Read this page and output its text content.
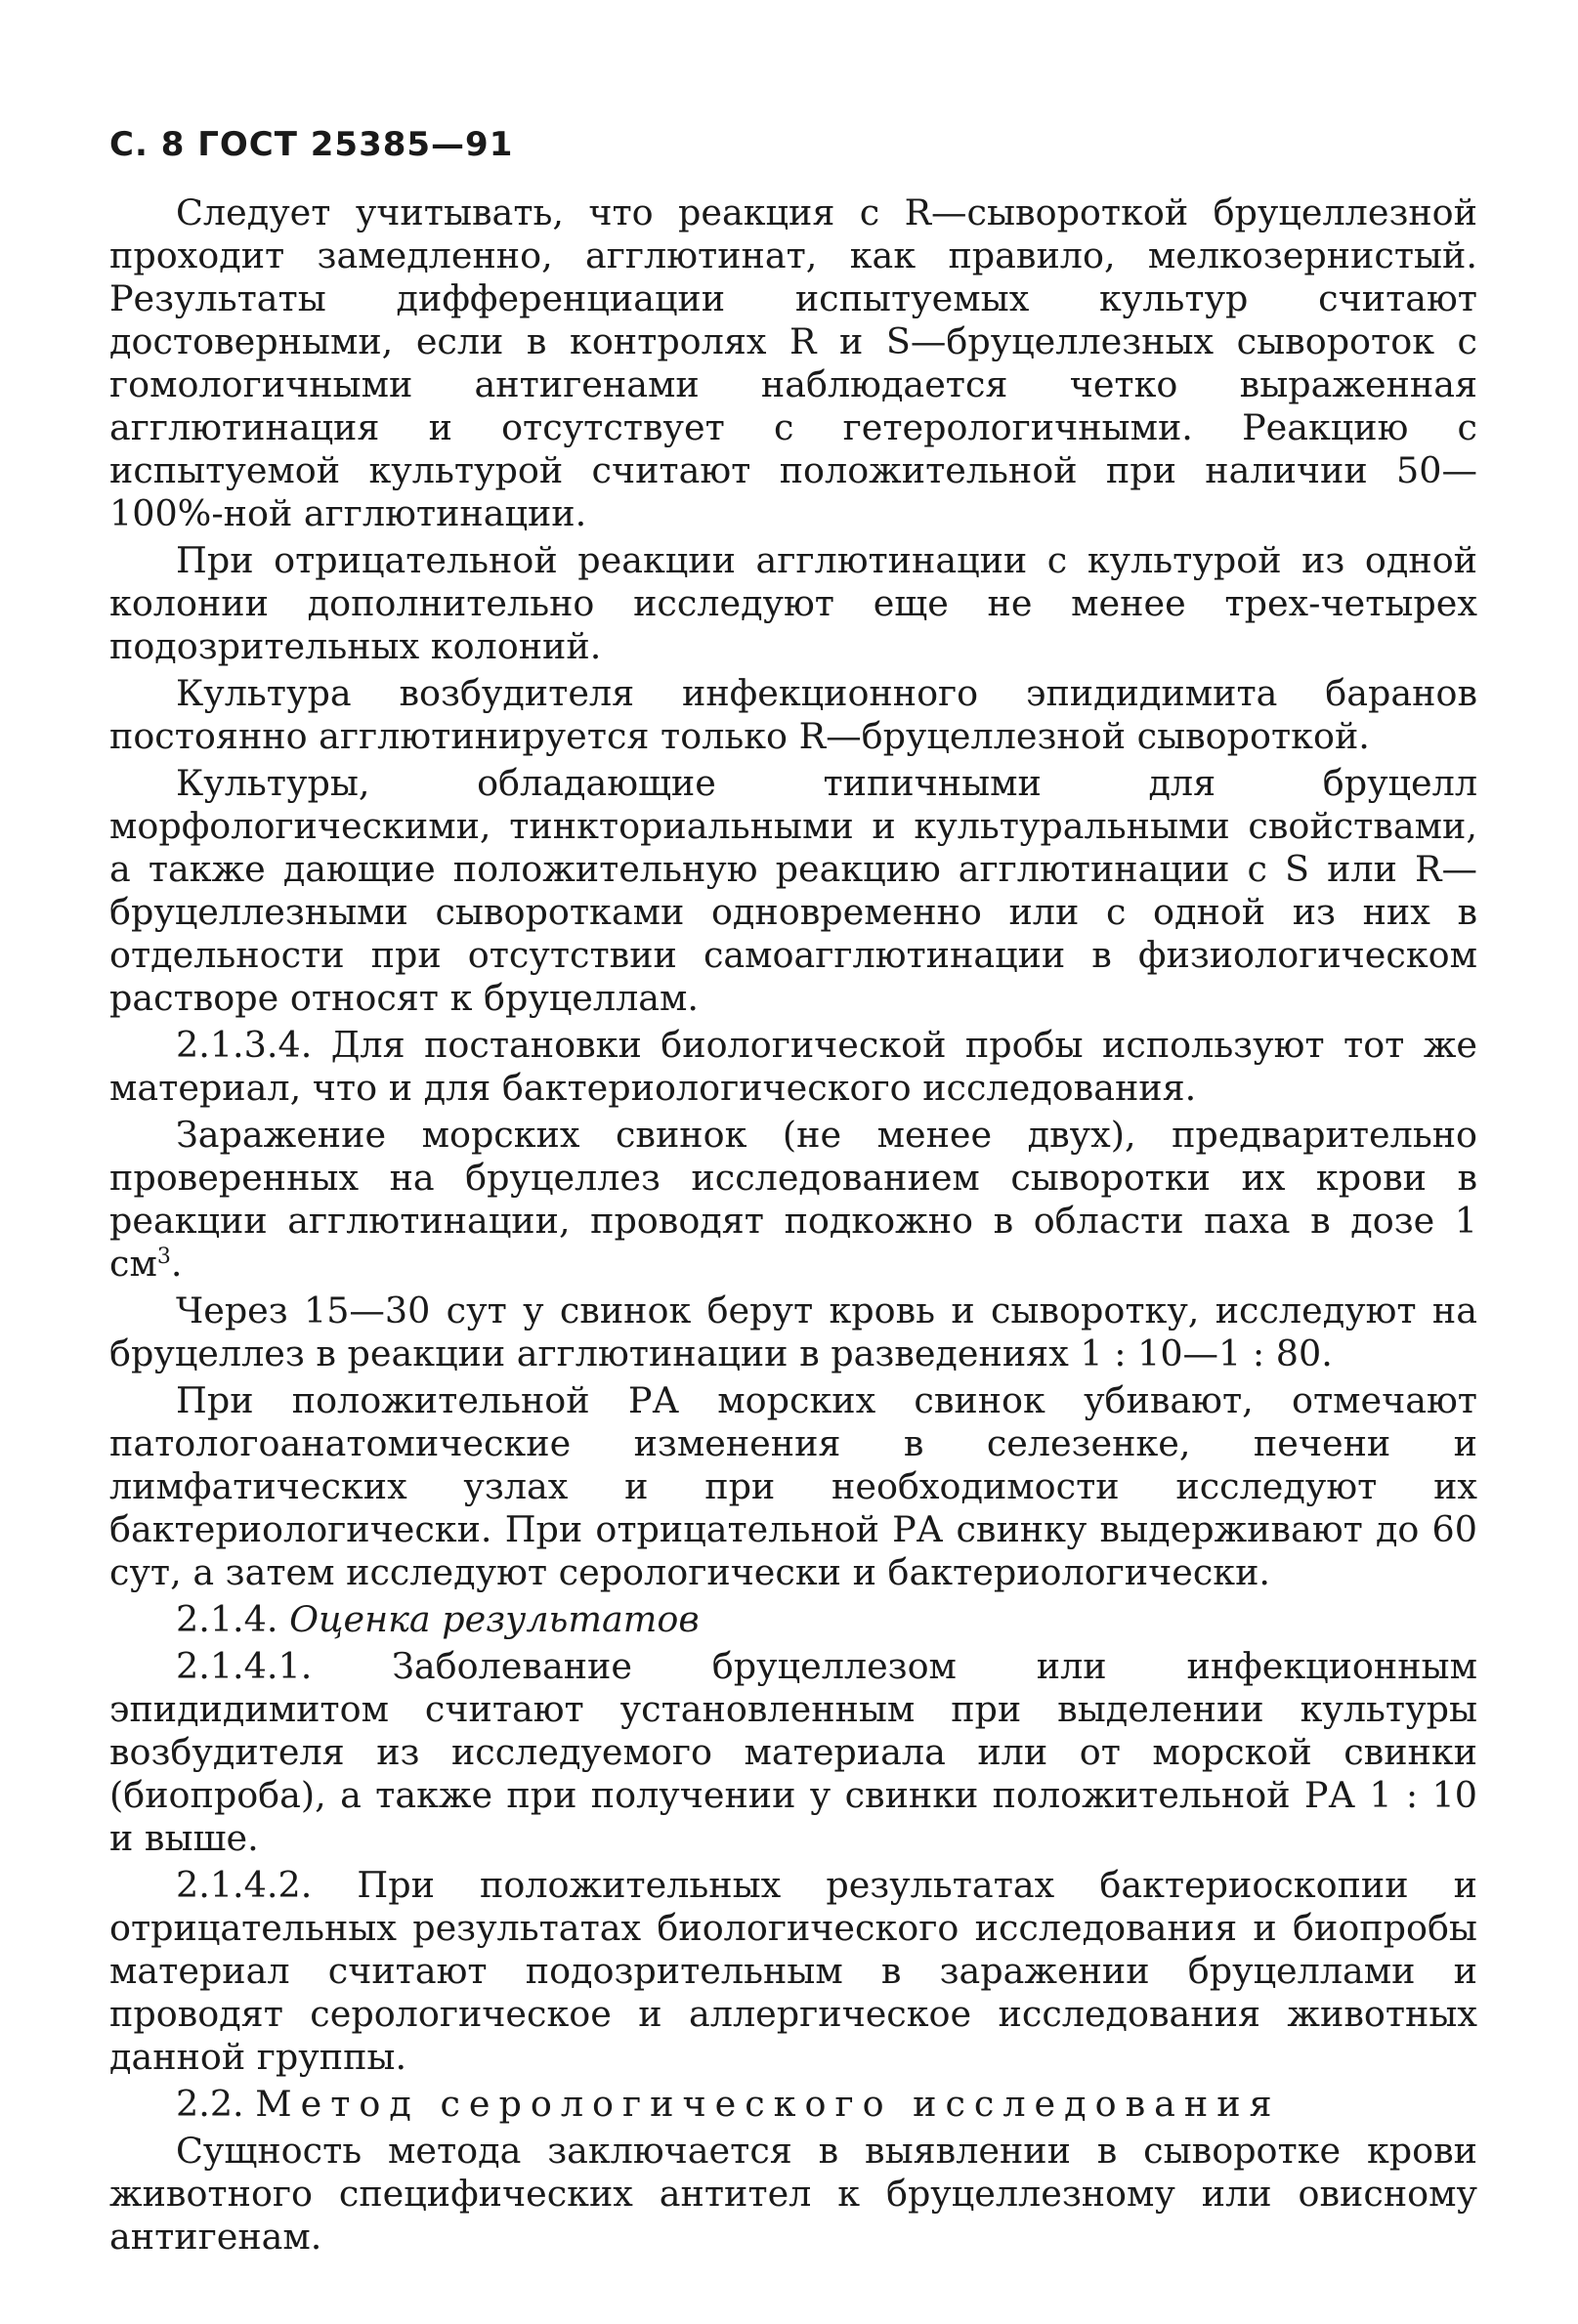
С. 8 ГОСТ 25385—91

Следует учитывать, что реакция с R—сывороткой бруцеллезной проходит замедленно, агглютинат, как правило, мелкозернистый. Результаты дифференциации испытуемых культур считают достоверными, если в контролях R и S—бруцеллезных сывороток с гомологичными антигенами наблюдается четко выраженная агглютинация и отсутствует с гетерологичными. Реакцию с испытуемой культурой считают положительной при наличии 50—100%-ной агглютинации.

При отрицательной реакции агглютинации с культурой из одной колонии дополнительно исследуют еще не менее трех-четырех подозрительных колоний.

Культура возбудителя инфекционного эпидидимита баранов постоянно агглютинируется только R—бруцеллезной сывороткой.

Культуры, обладающие типичными для бруцелл морфологическими, тинкториальными и культуральными свойствами, а также дающие положительную реакцию агглютинации с S или R—бруцеллезными сыворотками одновременно или с одной из них в отдельности при отсутствии самоагглютинации в физиологическом растворе относят к бруцеллам.

2.1.3.4. Для постановки биологической пробы используют тот же материал, что и для бактериологического исследования.

Заражение морских свинок (не менее двух), предварительно проверенных на бруцеллез исследованием сыворотки их крови в реакции агглютинации, проводят подкожно в области паха в дозе 1 $см^3$.

Через 15—30 сут у свинок берут кровь и сыворотку, исследуют на бруцеллез в реакции агглютинации в разведениях 1 : 10—1 : 80.

При положительной РА морских свинок убивают, отмечают патологоанатомические изменения в селезенке, печени и лимфатических узлах и при необходимости исследуют их бактериологически. При отрицательной РА свинку выдерживают до 60 сут, а затем исследуют серологически и бактериологически.

2.1.4. Оценка результатов

2.1.4.1. Заболевание бруцеллезом или инфекционным эпидидимитом считают установленным при выделении культуры возбудителя из исследуемого материала или от морской свинки (биопроба), а также при получении у свинки положительной РА 1 : 10 и выше.

2.1.4.2. При положительных результатах бактериоскопии и отрицательных результатах биологического исследования и биопробы материал считают подозрительным в заражении бруцеллами и проводят серологическое и аллергическое исследования животных данной группы.

2.2. Метод серологического исследования

Сущность метода заключается в выявлении в сыворотке крови животного специфических антител к бруцеллезному или овисному антигенам.
